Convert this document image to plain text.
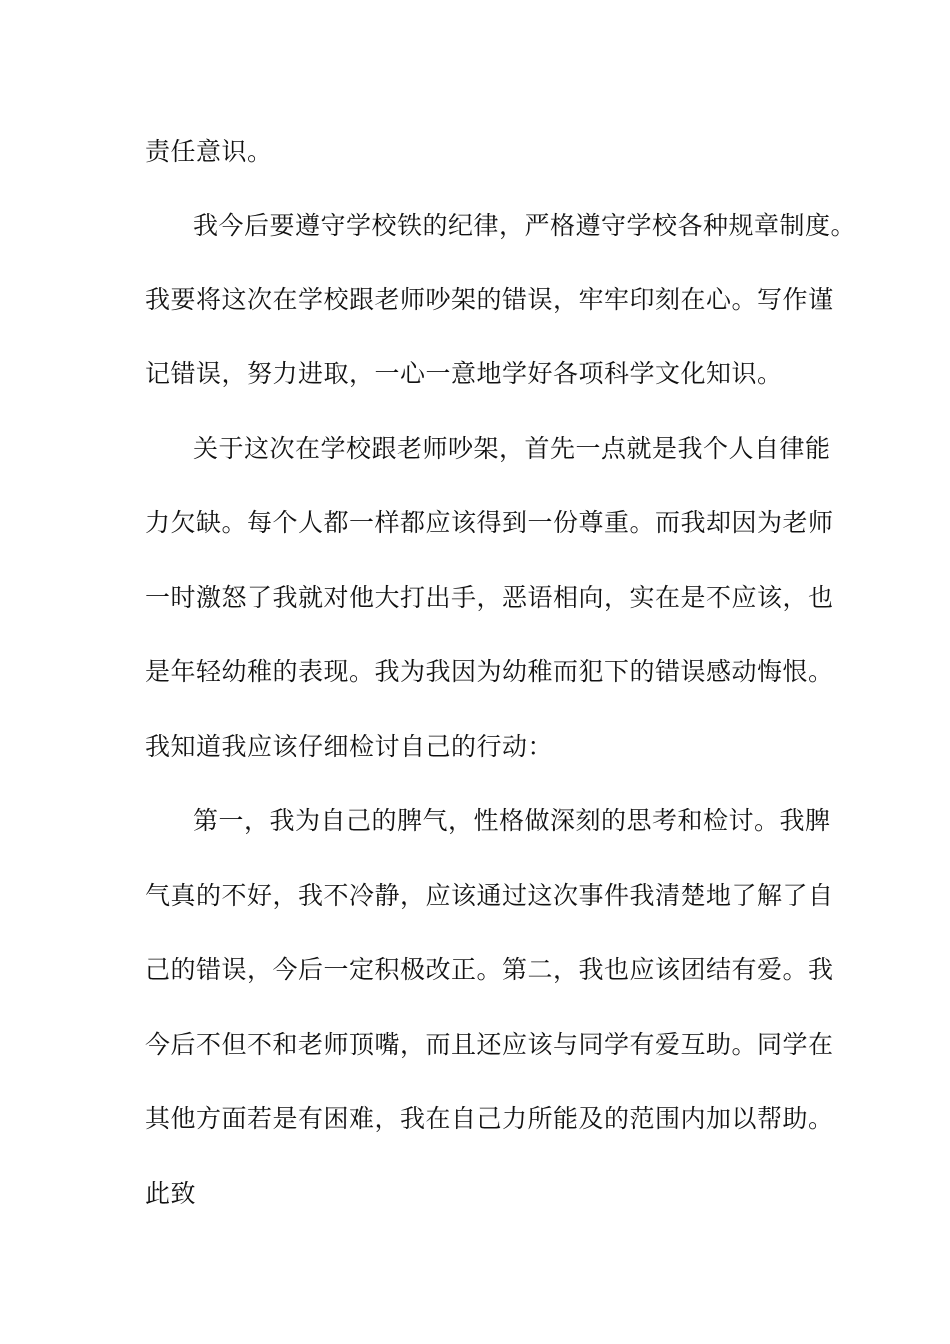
责任意识。
我今后要遵守学校铁的纪律，严格遵守学校各种规章制度。
我要将这次在学校跟老师吵架的错误，牢牢印刻在心。写作谨
记错误，努力进取，一心一意地学好各项科学文化知识。
关于这次在学校跟老师吵架，首先一点就是我个人自律能
力欠缺。每个人都一样都应该得到一份尊重。而我却因为老师
一时激怒了我就对他大打出手，恶语相向，实在是不应该，也
是年轻幼稚的表现。我为我因为幼稚而犯下的错误感动悔恨。
我知道我应该仔细检讨自己的行动：
第一，我为自己的脾气，性格做深刻的思考和检讨。我脾
气真的不好，我不冷静，应该通过这次事件我清楚地了解了自
己的错误，今后一定积极改正。第二，我也应该团结有爱。我
今后不但不和老师顶嘴，而且还应该与同学有爱互助。同学在
其他方面若是有困难，我在自己力所能及的范围内加以帮助。
此致
